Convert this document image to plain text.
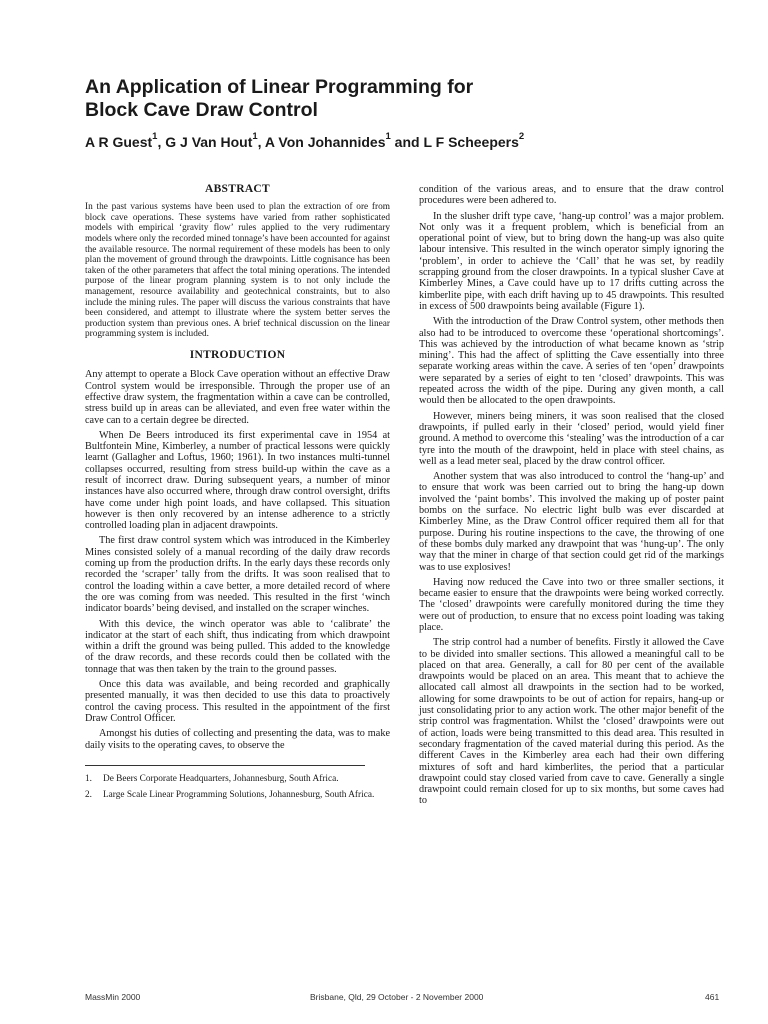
An Application of Linear Programming for
Block Cave Draw Control
A R Guest$^1$, G J Van Hout$^1$, A Von Johannides$^1$ and L F Scheepers$^2$
ABSTRACT

In the past various systems have been used to plan the extraction of ore from block cave operations. These systems have varied from rather sophisticated models with empirical ‘gravity flow’ rules applied to the very rudimentary models where only the recorded mined tonnage’s have been accounted for against the available resource. The normal requirement of these models has been to only plan the movement of ground through the drawpoints. Little cognisance has been taken of the other parameters that affect the total mining operations. The intended purpose of the linear program planning system is to not only include the management, resource availability and geotechnical constraints, but to also include the mining rules. The paper will discuss the various constraints that have been considered, and attempt to illustrate where the system better serves the production system than previous ones. A brief technical discussion on the linear programming system is included.

INTRODUCTION

Any attempt to operate a Block Cave operation without an effective Draw Control system would be irresponsible. Through the proper use of an effective draw system, the fragmentation within a cave can be controlled, stress build up in areas can be alleviated, and even free water within the cave can to a certain degree be directed.

When De Beers introduced its first experimental cave in 1954 at Bultfontein Mine, Kimberley, a number of practical lessons were quickly learnt (Gallagher and Loftus, 1960; 1961). In two instances multi-tunnel collapses occurred, resulting from stress build-up within the cave as a result of incorrect draw. During subsequent years, a number of minor instances have also occurred where, through draw control oversight, drifts have come under high point loads, and have collapsed. This situation however is then only recovered by an intense adherence to a strictly controlled loading plan in adjacent drawpoints.

The first draw control system which was introduced in the Kimberley Mines consisted solely of a manual recording of the daily draw records coming up from the production drifts. In the early days these records only recorded the ‘scraper’ tally from the drifts. It was soon realised that to control the loading within a cave better, a more detailed record of where the ore was coming from was needed. This resulted in the first ‘winch indicator boards’ being devised, and installed on the scraper winches.

With this device, the winch operator was able to ‘calibrate’ the indicator at the start of each shift, thus indicating from which drawpoint within a drift the ground was being pulled. This added to the knowledge of the draw records, and these records could then be collated with the tonnage that was then taken by the train to the ground passes.

Once this data was available, and being recorded and graphically presented manually, it was then decided to use this data to proactively control the caving process. This resulted in the appointment of the first Draw Control Officer.

Amongst his duties of collecting and presenting the data, was to make daily visits to the operating caves, to observe the

1.	De Beers Corporate Headquarters, Johannesburg, South Africa.
2.	Large Scale Linear Programming Solutions, Johannesburg, South Africa.

condition of the various areas, and to ensure that the draw control procedures were been adhered to.

In the slusher drift type cave, ‘hang-up control’ was a major problem. Not only was it a frequent problem, which is beneficial from an operational point of view, but to bring down the hang-up was also quite labour intensive. This resulted in the winch operator simply ignoring the ‘problem’, in order to achieve the ‘Call’ that he was set, by readily scrapping ground from the closer drawpoints. In a typical slusher Cave at Kimberley Mines, a Cave could have up to 17 drifts cutting across the kimberlite pipe, with each drift having up to 45 drawpoints. This resulted in excess of 500 drawpoints being available (Figure 1).

With the introduction of the Draw Control system, other methods then also had to be introduced to overcome these ‘operational shortcomings’. This was achieved by the introduction of what became known as ‘strip mining’. This had the affect of splitting the Cave essentially into three separate working areas within the cave. A series of ten ‘open’ drawpoints were separated by a series of eight to ten ‘closed’ drawpoints. This was repeated across the width of the pipe. During any given month, a call would then be allocated to the open drawpoints.

However, miners being miners, it was soon realised that the closed drawpoints, if pulled early in their ‘closed’ period, would yield finer ground. A method to overcome this ‘stealing’ was the introduction of a car tyre into the mouth of the drawpoint, held in place with steel chains, as well as a lead meter seal, placed by the draw control officer.

Another system that was also introduced to control the ‘hang-up’ and to ensure that work was been carried out to bring the hang-up down involved the ‘paint bombs’. This involved the making up of poster paint bombs on the surface. No electric light bulb was ever discarded at Kimberley Mine, as the Draw Control officer required them all for that purpose. During his routine inspections to the cave, the throwing of one of these bombs duly marked any drawpoint that was ‘hung-up’. The only way that the miner in charge of that section could get rid of the markings was to use explosives!

Having now reduced the Cave into two or three smaller sections, it became easier to ensure that the drawpoints were being worked correctly. The ‘closed’ drawpoints were carefully monitored during the time they were out of production, to ensure that no excess point loading was taking place.

The strip control had a number of benefits. Firstly it allowed the Cave to be divided into smaller sections. This allowed a meaningful call to be placed on that area. Generally, a call for 80 per cent of the available drawpoints would be placed on an area. This meant that to achieve the allocated call almost all drawpoints in the section had to be worked, allowing for some drawpoints to be out of action for repairs, hang-up or just consolidating prior to any action work. The other major benefit of the strip control was fragmentation. Whilst the ‘closed’ drawpoints were out of action, loads were being transmitted to this dead area. This resulted in secondary fragmentation of the caved material during this period. As the different Caves in the Kimberley area each had their own differing mixtures of soft and hard kimberlites, the period that a particular drawpoint could stay closed varied from cave to cave. Generally a single drawpoint could remain closed for up to six months, but some caves had to

MassMin 2000	Brisbane, Qld, 29 October - 2 November 2000	461
